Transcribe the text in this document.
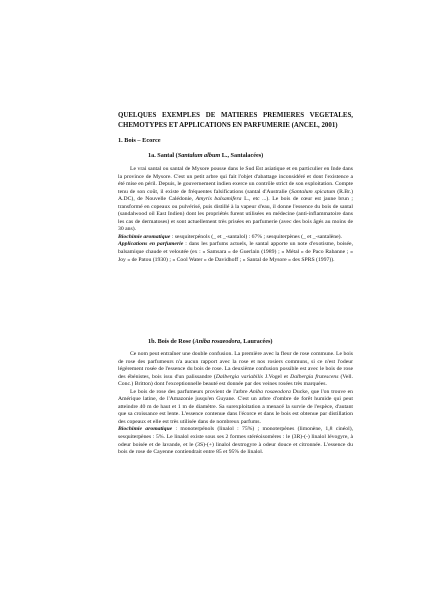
QUELQUES EXEMPLES DE MATIERES PREMIERES VEGETALES, CHEMOTYPES ET APPLICATIONS EN PARFUMERIE (ANCEL, 2001)
1. Bois – Ecorce
1a. Santal (Santalum album L., Santalacées)

Le vrai santal ou santal de Mysore pousse dans le Sud Est asiatique et en particulier en Inde dans la province de Mysore. C'est un petit arbre qui fait l'objet d'abattage inconsidéré et dont l'existence a été mise en péril. Depuis, le gouvernement indien exerce un contrôle strict de son exploitation. Compte tenu de son coût, il existe de fréquentes falsifications (santal d'Australie (Santalum spicatum (R.Br.) A.DC), de Nouvelle Calédonie, Amyris balsamifera L., etc ...). Le bois de cœur est jaune brun ; transformé en copeaux ou pulvérisé, puis distillé à la vapeur d'eau, il donne l'essence du bois de santal (sandalwood oil East Indien) dont les propriétés furent utilisées en médecine (anti-inflammatoire dans les cas de dermatoses) et sont actuellement très prisées en parfumerie (avec des bois âgés au moins de 30 ans).

Biochimie aromatique : sesquiterpénols (_ et _-santalol) : 67% ; sesquiterpènes (_ et _-santalène).

Applications en parfumerie : dans les parfums actuels, le santal apporte un note d'exotisme, boisée, balsamique chaude et veloutée (ex : « Samsara » de Guerlain (1989) ; « Métal » de Paco Rabanne ; « Joy » de Patou (1930) ; « Cool Water » de Davidhoff ; « Santal de Mysore » des SPRS (1997)).

1b. Bois de Rose (Aniba rosaeodora, Lauracées)

Ce nom peut entraîner une double confusion. La première avec la fleur de rose commune. Le bois de rose des parfumeurs n'a aucun rapport avec la rose et nos rosiers communs, si ce n'est l'odeur légèrement rosée de l'essence du bois de rose. La deuxième confusion possible est avec le bois de rose des ébénistes, bois issu d'un palissandre (Dalbergia variabilis J.Vogel et Dalbergia frutescens (Vell. Conc.) Britton) dont l'exceptionnelle beauté est donnée par des veines rosées très marquées.

Le bois de rose des parfumeurs provient de l'arbre Aniba rosaeodora Ducke, que l'on trouve en Amérique latine, de l'Amazonie jusqu'en Guyane. C'est un arbre d'ombre de forêt humide qui peut atteindre 40 m de haut et 1 m de diamètre. Sa surexploitation a menacé la survie de l'espèce, d'autant que sa croissance est lente. L'essence contenue dans l'écorce et dans le bois est obtenue par distillation des copeaux et elle est très utilisée dans de nombreux parfums.

Biochimie aromatique : monoterpénols (linalol : 75%) ; monoterpènes (limonène, 1,8 cinéol), sesquiterpènes : 5%. Le linalol existe sous ses 2 formes stéréoisomères : le (3R)-(-) linalol lévogyre, à odeur boisée et de lavande, et le (3S)-(+) linalol dextrogyre à odeur douce et citronnée. L'essence du bois de rose de Cayenne contiendrait entre 85 et 95% de linalol.
